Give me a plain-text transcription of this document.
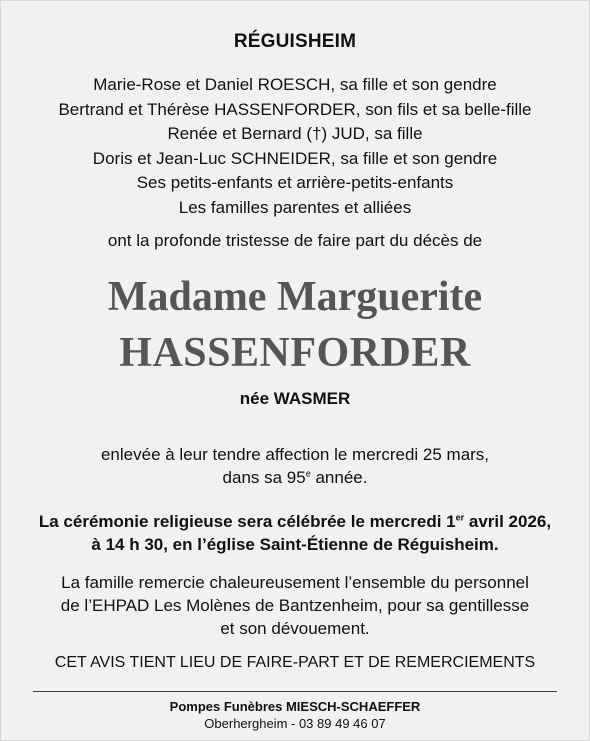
RÉGUISHEIM
Marie-Rose et Daniel ROESCH, sa fille et son gendre
Bertrand et Thérèse HASSENFORDER, son fils et sa belle-fille
Renée et Bernard (†) JUD, sa fille
Doris et Jean-Luc SCHNEIDER, sa fille et son gendre
Ses petits-enfants et arrière-petits-enfants
Les familles parentes et alliées
ont la profonde tristesse de faire part du décès de
Madame Marguerite
HASSENFORDER
née WASMER
enlevée à leur tendre affection le mercredi 25 mars,
dans sa 95e année.
La cérémonie religieuse sera célébrée le mercredi 1er avril 2026,
à 14 h 30, en l’église Saint-Étienne de Réguisheim.
La famille remercie chaleureusement l’ensemble du personnel
de l’EHPAD Les Molènes de Bantzenheim, pour sa gentillesse
et son dévouement.
CET AVIS TIENT LIEU DE FAIRE-PART ET DE REMERCIEMENTS
Pompes Funèbres MIESCH-SCHAEFFER
Oberhergheim - 03 89 49 46 07
